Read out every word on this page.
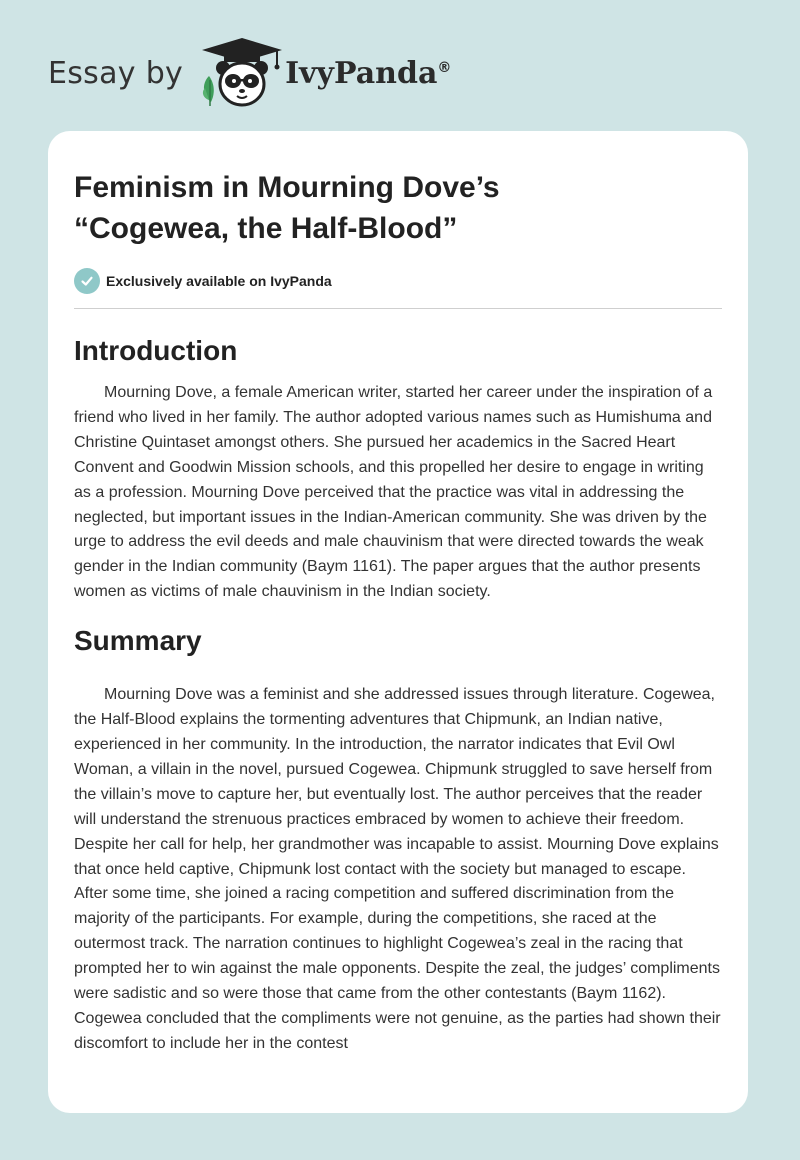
Essay by	IvyPanda®
Feminism in Mourning Dove’s “Cogewea, the Half-Blood”
Exclusively available on IvyPanda
Introduction

Mourning Dove, a female American writer, started her career under the inspiration of a friend who lived in her family. The author adopted various names such as Humishuma and Christine Quintaset amongst others. She pursued her academics in the Sacred Heart Convent and Goodwin Mission schools, and this propelled her desire to engage in writing as a profession. Mourning Dove perceived that the practice was vital in addressing the neglected, but important issues in the Indian-American community. She was driven by the urge to address the evil deeds and male chauvinism that were directed towards the weak gender in the Indian community (Baym 1161). The paper argues that the author presents women as victims of male chauvinism in the Indian society.

Summary

Mourning Dove was a feminist and she addressed issues through literature. Cogewea, the Half-Blood explains the tormenting adventures that Chipmunk, an Indian native, experienced in her community. In the introduction, the narrator indicates that Evil Owl Woman, a villain in the novel, pursued Cogewea. Chipmunk struggled to save herself from the villain’s move to capture her, but eventually lost. The author perceives that the reader will understand the strenuous practices embraced by women to achieve their freedom. Despite her call for help, her grandmother was incapable to assist. Mourning Dove explains that once held captive, Chipmunk lost contact with the society but managed to escape. After some time, she joined a racing competition and suffered discrimination from the majority of the participants. For example, during the competitions, she raced at the outermost track. The narration continues to highlight Cogewea’s zeal in the racing that prompted her to win against the male opponents. Despite the zeal, the judges’ compliments were sadistic and so were those that came from the other contestants (Baym 1162). Cogewea concluded that the compliments were not genuine, as the parties had shown their discomfort to include her in the contest
